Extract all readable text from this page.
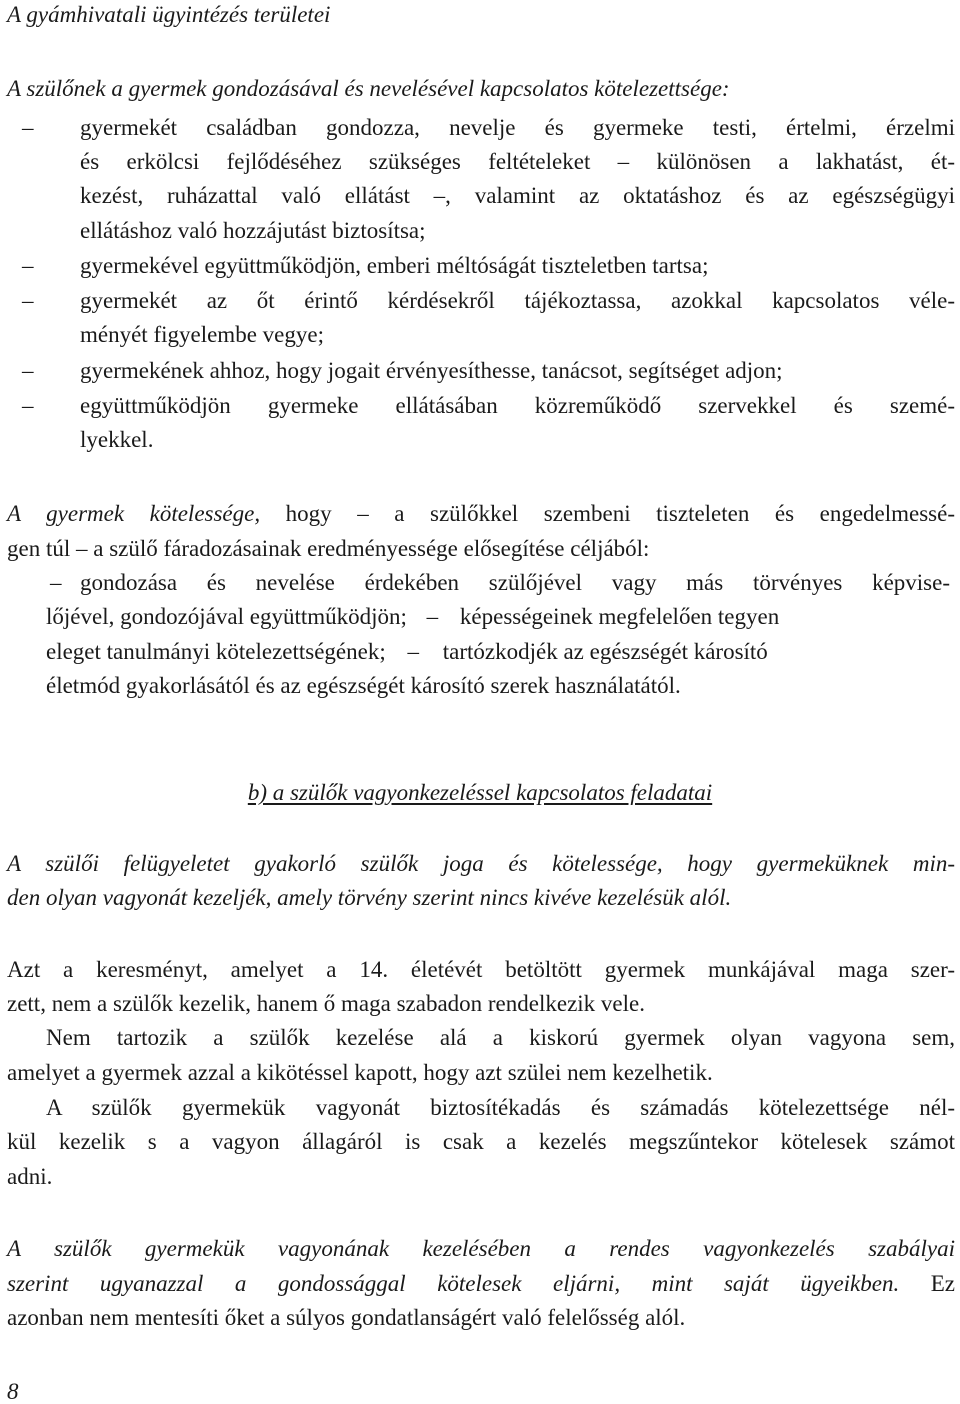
A gyámhivatali ügyintézés területei
A szülőnek a gyermek gondozásával és nevelésével kapcsolatos kötelezettsége:
– gyermekét családban gondozza, nevelje és gyermeke testi, értelmi, érzelmi
és erkölcsi fejlődéséhez szükséges feltételeket – különösen a lakhatást, ét-
kezést, ruházattal való ellátást –, valamint az oktatáshoz és az egészségügyi
ellátáshoz való hozzájutást biztosítsa;
– gyermekével együttműködjön, emberi méltóságát tiszteletben tartsa;
– gyermekét az őt érintő kérdésekről tájékoztassa, azokkal kapcsolatos véle-
ményét figyelembe vegye;
– gyermekének ahhoz, hogy jogait érvényesíthesse, tanácsot, segítséget adjon;
– együttműködjön gyermeke ellátásában közreműködő szervekkel és szemé-
lyekkel.
A gyermek kötelessége, hogy – a szülőkkel szembeni tiszteleten és engedelmessé-
gen túl – a szülő fáradozásainak eredményessége elősegítése céljából:
– gondozása és nevelése érdekében szülőjével vagy más törvényes képvise-
lőjével, gondozójával együttműködjön; – képességeinek megfelelően tegyen
eleget tanulmányi kötelezettségének; – tartózkodjék az egészségét károsító
életmód gyakorlásától és az egészségét károsító szerek használatától.
b) a szülők vagyonkezeléssel kapcsolatos feladatai
A szülői felügyeletet gyakorló szülők joga és kötelessége, hogy gyermeküknek min-
den olyan vagyonát kezeljék, amely törvény szerint nincs kivéve kezelésük alól.
Azt a keresményt, amelyet a 14. életévét betöltött gyermek munkájával maga szer-
zett, nem a szülők kezelik, hanem ő maga szabadon rendelkezik vele.
Nem tartozik a szülők kezelése alá a kiskorú gyermek olyan vagyona sem,
amelyet a gyermek azzal a kikötéssel kapott, hogy azt szülei nem kezelhetik.
A szülők gyermekük vagyonát biztosítékadás és számadás kötelezettsége nél-
kül kezelik s a vagyon állagáról is csak a kezelés megszűntekor kötelesek számot
adni.
A szülők gyermekük vagyonának kezelésében a rendes vagyonkezelés szabályai
szerint ugyanazzal a gondossággal kötelesek eljárni, mint saját ügyeikben. Ez
azonban nem mentesíti őket a súlyos gondatlanságért való felelősség alól.
8
